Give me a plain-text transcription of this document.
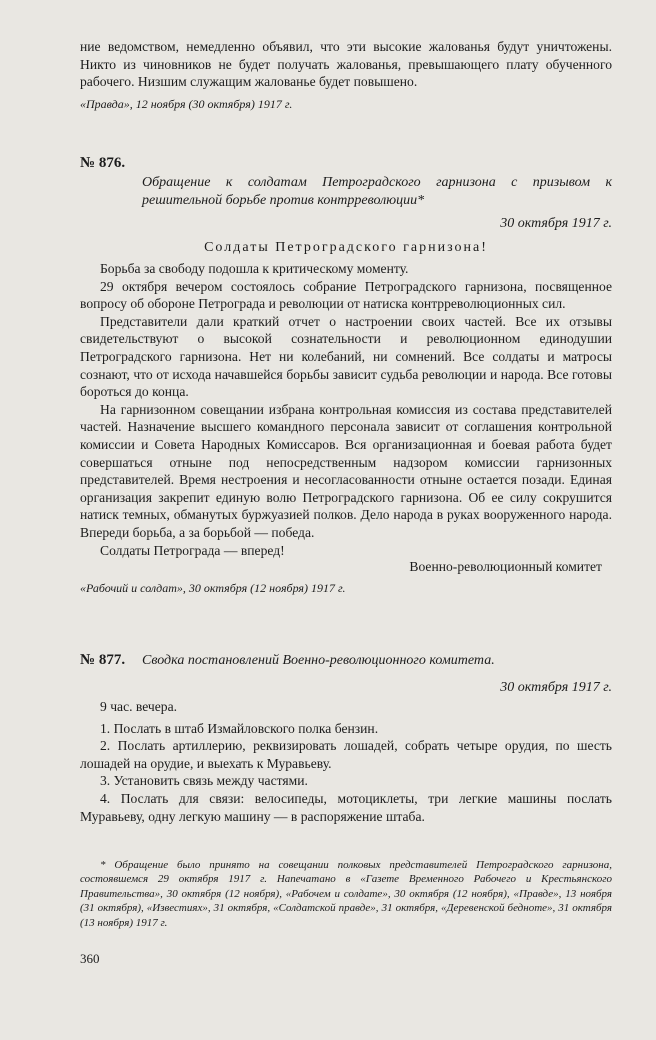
ние ведомством, немедленно объявил, что эти высокие жалованья будут уничтожены. Никто из чиновников не будет получать жалованья, превышающего плату обученного рабочего. Низшим служащим жалованье будет повышено.

«Правда», 12 ноября (30 октября) 1917 г.

№ 876.

Обращение к солдатам Петроградского гарнизона с призывом к решительной борьбе против контрреволюции*

30 октября 1917 г.

Солдаты Петроградского гарнизона!

Борьба за свободу подошла к критическому моменту.

29 октября вечером состоялось собрание Петроградского гарнизона, посвященное вопросу об обороне Петрограда и революции от натиска контрреволюционных сил.

Представители дали краткий отчет о настроении своих частей. Все их отзывы свидетельствуют о высокой сознательности и революционном единодушии Петроградского гарнизона. Нет ни колебаний, ни сомнений. Все солдаты и матросы сознают, что от исхода начавшейся борьбы зависит судьба революции и народа. Все готовы бороться до конца.

На гарнизонном совещании избрана контрольная комиссия из состава представителей частей. Назначение высшего командного персонала зависит от соглашения контрольной комиссии и Совета Народных Комиссаров. Вся организационная и боевая работа будет совершаться отныне под непосредственным надзором комиссии гарнизонных представителей. Время нестроения и несогласованности отныне остается позади. Единая организация закрепит единую волю Петроградского гарнизона. Об ее силу сокрушится натиск темных, обманутых буржуазией полков. Дело народа в руках вооруженного народа. Впереди борьба, а за борьбой — победа.

Солдаты Петрограда — вперед!

Военно-революционный комитет

«Рабочий и солдат», 30 октября (12 ноября) 1917 г.

№ 877.	Сводка постановлений Военно-революционного комитета.

30 октября 1917 г.

9 час. вечера.

1. Послать в штаб Измайловского полка бензин.

2. Послать артиллерию, реквизировать лошадей, собрать четыре орудия, по шесть лошадей на орудие, и выехать к Муравьеву.

3. Установить связь между частями.

4. Послать для связи: велосипеды, мотоциклеты, три легкие машины послать Муравьеву, одну легкую машину — в распоряжение штаба.

* Обращение было принято на совещании полковых представителей Петроградского гарнизона, состоявшемся 29 октября 1917 г. Напечатано в «Газете Временного Рабочего и Крестьянского Правительства», 30 октября (12 ноября), «Рабочем и солдате», 30 октября (12 ноября), «Правде», 13 ноября (31 октября), «Известиях», 31 октября, «Солдатской правде», 31 октября, «Деревенской бедноте», 31 октября (13 ноября) 1917 г.

360
